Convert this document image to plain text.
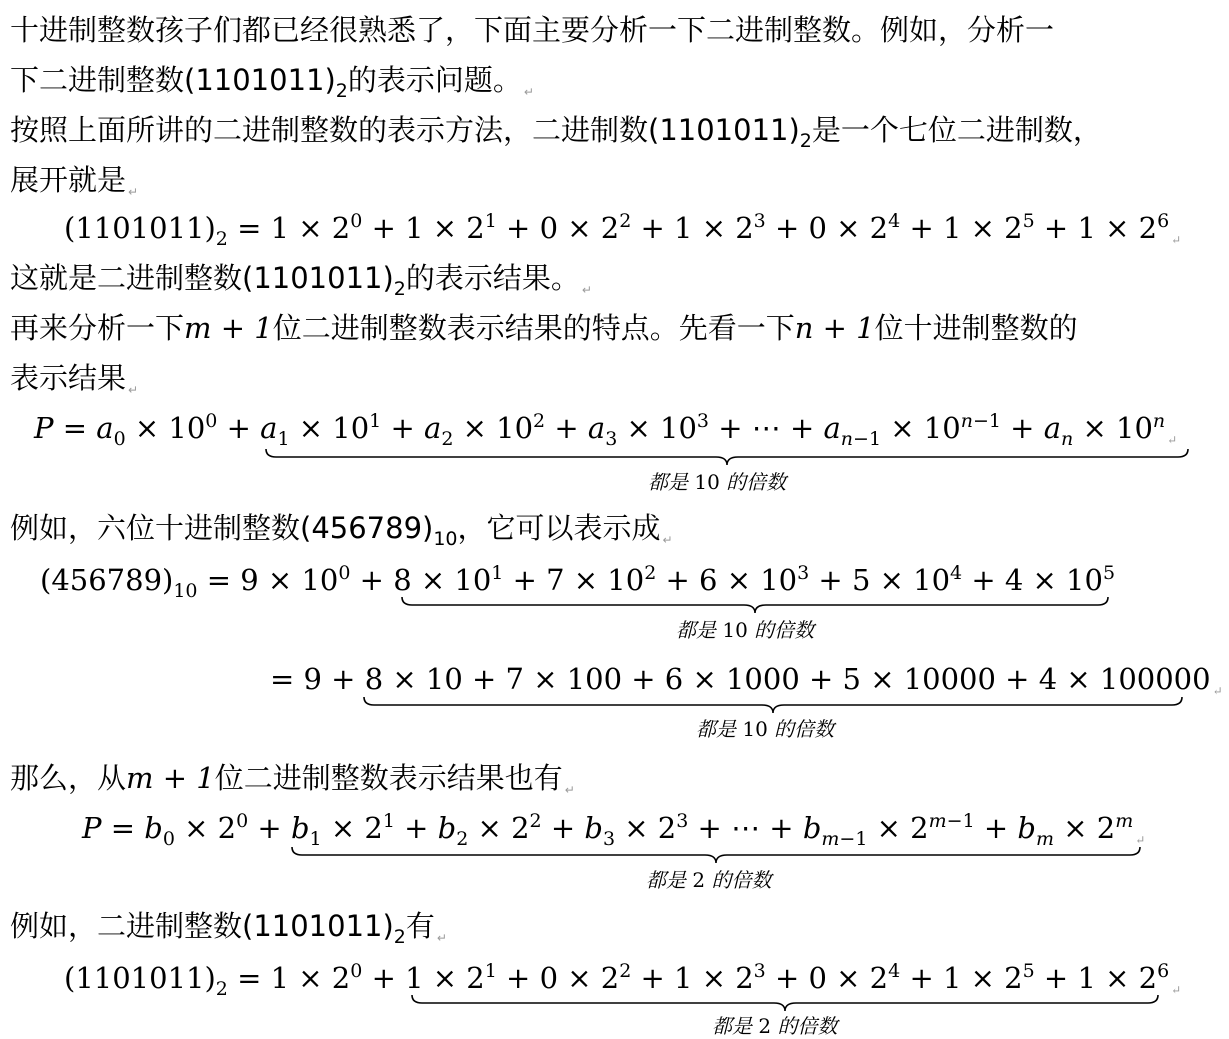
十进制整数孩子们都已经很熟悉了，下面主要分析一下二进制整数。例如，分析一
下二进制整数$(1101011)_2$的表示问题。 $_↵$
按照上面所讲的二进制整数的表示方法，二进制数$(1101011)_2$是一个七位二进制数，
展开就是 $_↵$
$(1101011)_2 = 1 \times 2^0 + 1 \times 2^1 + 0 \times 2^2 + 1 \times 2^3 + 0 \times 2^4 + 1 \times 2^5 + 1 \times 2^6_↵$
这就是二进制整数$(1101011)_2$的表示结果。 $_↵$
再来分析一下m + 1位二进制整数表示结果的特点。先看一下n + 1位十进制整数的
表示结果 $_↵$
$P = a_0 \times 10^0 + a_1 \times 10^1 + a_2 \times 10^2 + a_3 \times 10^3$ + ⋯ + $a_{n-1} \times 10^{n-1} + a_n \times 10^n_↵$
都是 10 的倍数
例如，六位十进制整数$(456789)_{10}$，它可以表示成 $_↵$
$(456789)_{10} = 9 \times 10^0 + 8 \times 10^1 + 7 \times 10^2 + 6 \times 10^3 + 5 \times 10^4 + 4 \times 10^5$
都是 10 的倍数
= 9 + 8 × 10 + 7 × 100 + 6 × 1000 + 5 × 10000 + 4 × 100000 $_↵$
都是 10 的倍数
那么，从m + 1位二进制整数表示结果也有 $_↵$
$P = b_0 \times 2^0 + b_1 \times 2^1 + b_2 \times 2^2 + b_3 \times 2^3$ + ⋯ + $b_{m-1} \times 2^{m-1} + b_m \times 2^m_↵$
都是 2 的倍数
例如，二进制整数$(1101011)_2$有 $_↵$
$(1101011)_2 = 1 \times 2^0 + 1 \times 2^1 + 0 \times 2^2 + 1 \times 2^3 + 0 \times 2^4 + 1 \times 2^5 + 1 \times 2^6_↵$
都是 2 的倍数
